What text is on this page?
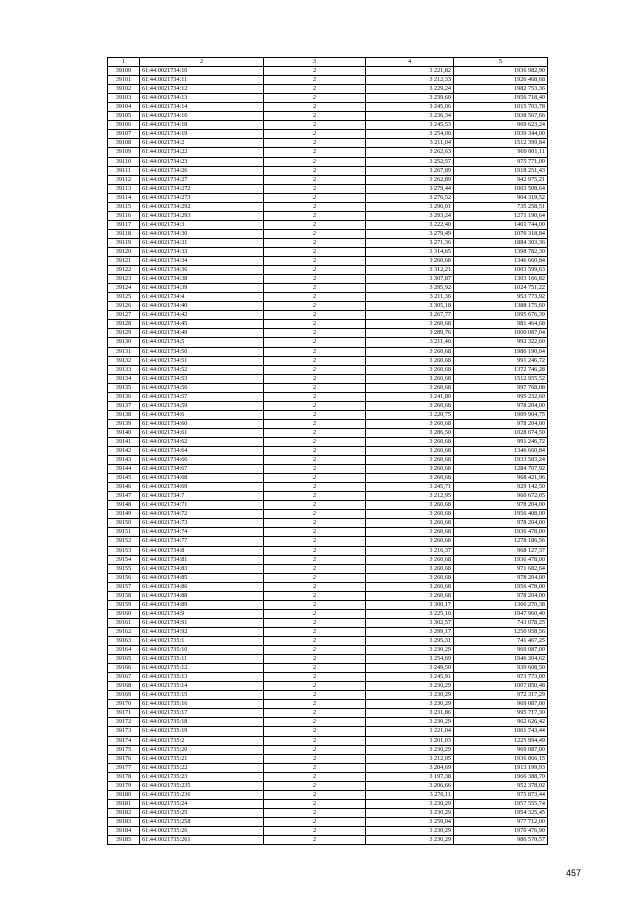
1	2	3	4	5
39100	61:44:0021734:10	2	3 221,82	1936 982,90
39101	61:44:0021734:11	2	3 212,33	1926 468,68
39102	61:44:0021734:12	2	3 229,24	1982 753,36
39103	61:44:0021734:13	2	3 239,60	1956 718,40
39104	61:44:0021734:14	2	3 245,06	1015 703,78
39105	61:44:0021734:16	2	3 236,34	1938 567,66
39106	61:44:0021734:18	2	3 245,53	969 623,24
39107	61:44:0021734:19	2	3 254,00	1939 344,00
39108	61:44:0021734:2	2	3 211,04	1512 399,84
39109	61:44:0021734:22	2	3 262,63	969 001,11
39110	61:44:0021734:23	2	3 252,57	975 771,00
39111	61:44:0021734:26	2	3 267,89	1918 251,43
39112	61:44:0021734:27	2	3 262,89	942 975,21
39113	61:44:0021734:272	2	3 279,44	1003 508,64
39114	61:44:0021734:273	2	3 276,52	904 319,52
39115	61:44:0021734:292	2	3 296,01	735 258,51
39116	61:44:0021734:293	2	3 293,24	1271 190,64
39117	61:44:0021734:3	2	3 222,40	1401 744,00
39118	61:44:0021734:30	2	3 279,49	1076 318,84
39119	61:44:0021734:31	2	3 271,36	1884 303,36
39120	61:44:0021734:33	2	3 314,65	1398 782,30
39121	61:44:0021734:34	2	3 260,68	1346 660,84
39122	61:44:0021734:36	2	3 312,21	1003 599,63
39123	61:44:0021734:38	2	3 307,87	1303 166,82
39124	61:44:0021734:39	2	3 295,92	1024 751,22
39125	61:44:0021734:4	2	3 211,36	953 773,92
39126	61:44:0021734:40	2	3 305,18	1388 175,60
39127	61:44:0021734:42	2	3 267,77	1995 676,39
39128	61:44:0021734:45	2	3 260,68	981 464,68
39129	61:44:0021734:49	2	3 289,76	1000 087,04
39130	61:44:0021734:5	2	3 211,40	992 322,60
39131	61:44:0021734:50	2	3 260,68	1986 190,04
39132	61:44:0021734:51	2	3 260,68	991 246,72
39133	61:44:0021734:52	2	3 260,68	1372 746,28
39134	61:44:0021734:53	2	3 260,68	1512 955,52
39135	61:44:0021734:56	2	3 260,68	997 768,08
39136	61:44:0021734:57	2	3 241,80	995 232,60
39137	61:44:0021734:59	2	3 260,68	978 204,00
39138	61:44:0021734:6	2	3 220,75	1909 904,75
39139	61:44:0021734:60	2	3 260,68	978 204,00
39140	61:44:0021734:61	2	3 286,50	1028 674,50
39141	61:44:0021734:62	2	3 260,68	991 246,72
39142	61:44:0021734:64	2	3 260,68	1346 660,84
39143	61:44:0021734:66	2	3 260,68	1933 583,24
39144	61:44:0021734:67	2	3 260,68	1284 707,92
39145	61:44:0021734:68	2	3 260,68	968 421,96
39146	61:44:0021734:69	2	3 245,71	929 142,50
39147	61:44:0021734:7	2	3 212,95	960 672,05
39148	61:44:0021734:71	2	3 260,68	978 204,00
39149	61:44:0021734:72	2	3 260,68	1956 408,00
39150	61:44:0021734:73	2	3 260,68	978 204,00
39151	61:44:0021734:74	2	3 260,68	1936 478,00
39152	61:44:0021734:77	2	3 260,68	1278 186,56
39153	61:44:0021734:8	2	3 216,37	968 127,37
39154	61:44:0021734:81	2	3 260,68	1936 478,00
39155	61:44:0021734:83	2	3 260,68	971 682,64
39156	61:44:0021734:85	2	3 260,68	978 204,00
39157	61:44:0021734:86	2	3 260,68	1956 478,00
39158	61:44:0021734:88	2	3 260,68	978 204,00
39159	61:44:0021734:89	2	3 300,17	1366 270,38
39160	61:44:0021734:9	2	3 225,10	1947 960,40
39161	61:44:0021734:91	2	3 302,57	743 078,25
39162	61:44:0021734:92	2	3 299,17	1250 958,56
39163	61:44:0021735:1	2	3 295,31	741 467,25
39164	61:44:0021735:10	2	3 230,29	969 087,00
39165	61:44:0021735:11	2	3 254,69	1946 304,62
39166	61:44:0021735:12	2	3 249,50	939 608,50
39167	61:44:0021735:13	2	3 245,91	973 773,00
39168	61:44:0021735:14	2	3 230,29	1007 850,48
39169	61:44:0021735:15	2	3 230,29	972 317,29
39170	61:44:0021735:16	2	3 230,29	969 087,00
39171	61:44:0021735:17	2	3 231,86	995 717,30
39172	61:44:0021735:18	2	3 230,29	962 626,42
39173	61:44:0021735:19	2	3 221,04	1001 743,44
39174	61:44:0021735:2	2	3 201,03	1225 994,49
39175	61:44:0021735:20	2	3 230,29	969 087,00
39176	61:44:0021735:21	2	3 212,05	1936 866,15
39177	61:44:0021735:22	2	3 204,69	1913 199,93
39178	61:44:0021735:23	2	3 197,38	1966 388,70
39179	61:44:0021735:235	2	3 206,66	952 378,02
39180	61:44:0021735:236	2	3 270,11	975 873,44
39181	61:44:0021735:24	2	3 230,29	1957 555,74
39182	61:44:0021735:25	2	3 230,29	1954 325,45
39183	61:44:0021735:258	2	3 259,04	977 712,00
39184	61:44:0021735:26	2	3 230,29	1970 476,90
39185	61:44:0021735:261	2	3 230,29	986 570,57
457
